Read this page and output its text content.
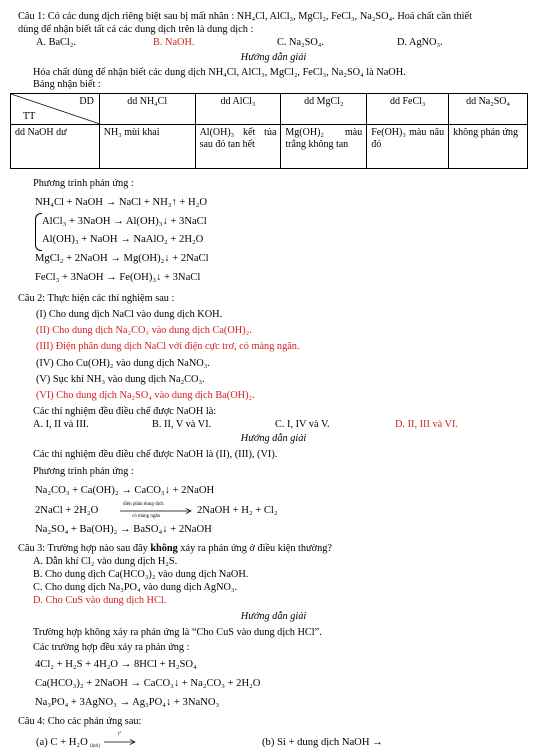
Câu 1: Có các dung dịch riêng biệt sau bị mất nhãn : NH₄Cl, AlCl₃, MgCl₂, FeCl₃, Na₂SO₄. Hoá chất cần thiết
dùng để nhận biết tất cả các dung dịch trên là dung dịch :
A. BaCl₂.	B. NaOH.	C. Na₂SO₄.	D. AgNO₃.
Hướng dẫn giải
Hóa chất dùng để nhận biết các dung dịch NH₄Cl, AlCl₃, MgCl₂, FeCl₃, Na₂SO₄ là NaOH.
Bảng nhận biết :
DD
TT	dd NH₄Cl	dd AlCl₃	dd MgCl₂	dd FeCl₃	dd Na₂SO₄
dd NaOH dư	NH₃ mùi khai	Al(OH)₃ kết tủa sau đó tan hết	Mg(OH)₂ màu trắng không tan	Fe(OH)₃ màu nâu đỏ	không phản ứng
Phương trình phản ứng :
NH₄Cl + NaOH → NaCl + NH₃↑ + H₂O
AlCl₃ + 3NaOH → Al(OH)₃↓ + 3NaCl
Al(OH)₃ + NaOH → NaAlO₂ + 2H₂O
MgCl₂ + 2NaOH → Mg(OH)₂↓ + 2NaCl
FeCl₃ + 3NaOH → Fe(OH)₃↓ + 3NaCl
Câu 2: Thực hiện các thí nghiệm sau :
(I) Cho dung dịch NaCl vào dung dịch KOH.
(II) Cho dung dịch Na₂CO₃ vào dung dịch Ca(OH)₂.
(III) Điện phân dung dịch NaCl với điện cực trơ, có màng ngăn.
(IV) Cho Cu(OH)₂ vào dung dịch NaNO₃.
(V) Sục khí NH₃ vào dung dịch Na₂CO₃.
(VI) Cho dung dịch Na₂SO₄ vào dung dịch Ba(OH)₂.
Các thí nghiệm đều điều chế được NaOH là:
A. I, II và III.	B. II, V và VI.	C. I, IV và V.	D. II, III và VI.
Hướng dẫn giải
Các thí nghiệm đều điều chế được NaOH là (II), (III), (VI).
Phương trình phản ứng :
Na₂CO₃ + Ca(OH)₂ → CaCO₃↓ + 2NaOH
2NaCl + 2H₂O
điện phân dung dịch
có màng ngăn
2NaOH + H₂ + Cl₂
Na₂SO₄ + Ba(OH)₂ → BaSO₄↓ + 2NaOH
Câu 3: Trường hợp nào sau đây không xảy ra phản ứng ở điều kiện thường?
A. Dẫn khí Cl₂ vào dung dịch H₂S.
B. Cho dung dịch Ca(HCO₃)₂ vào dung dịch NaOH.
C. Cho dung dịch Na₃PO₄ vào dung dịch AgNO₃.
D. Cho CuS vào dung dịch HCl.
Hướng dẫn giải
Trường hợp không xảy ra phản ứng là “Cho CuS vào dung dịch HCl”.
Các trường hợp đều xảy ra phản ứng :
4Cl₂ + H₂S + 4H₂O → 8HCl + H₂SO₄
Ca(HCO₃)₂ + 2NaOH → CaCO₃↓ + Na₂CO₃ + 2H₂O
Na₃PO₄ + 3AgNO₃ → Ag₃PO₄↓ + 3NaNO₃
Câu 4: Cho các phản ứng sau:
(a) C + H₂O (hơi)
t°
(b) Si + dung dịch NaOH →
